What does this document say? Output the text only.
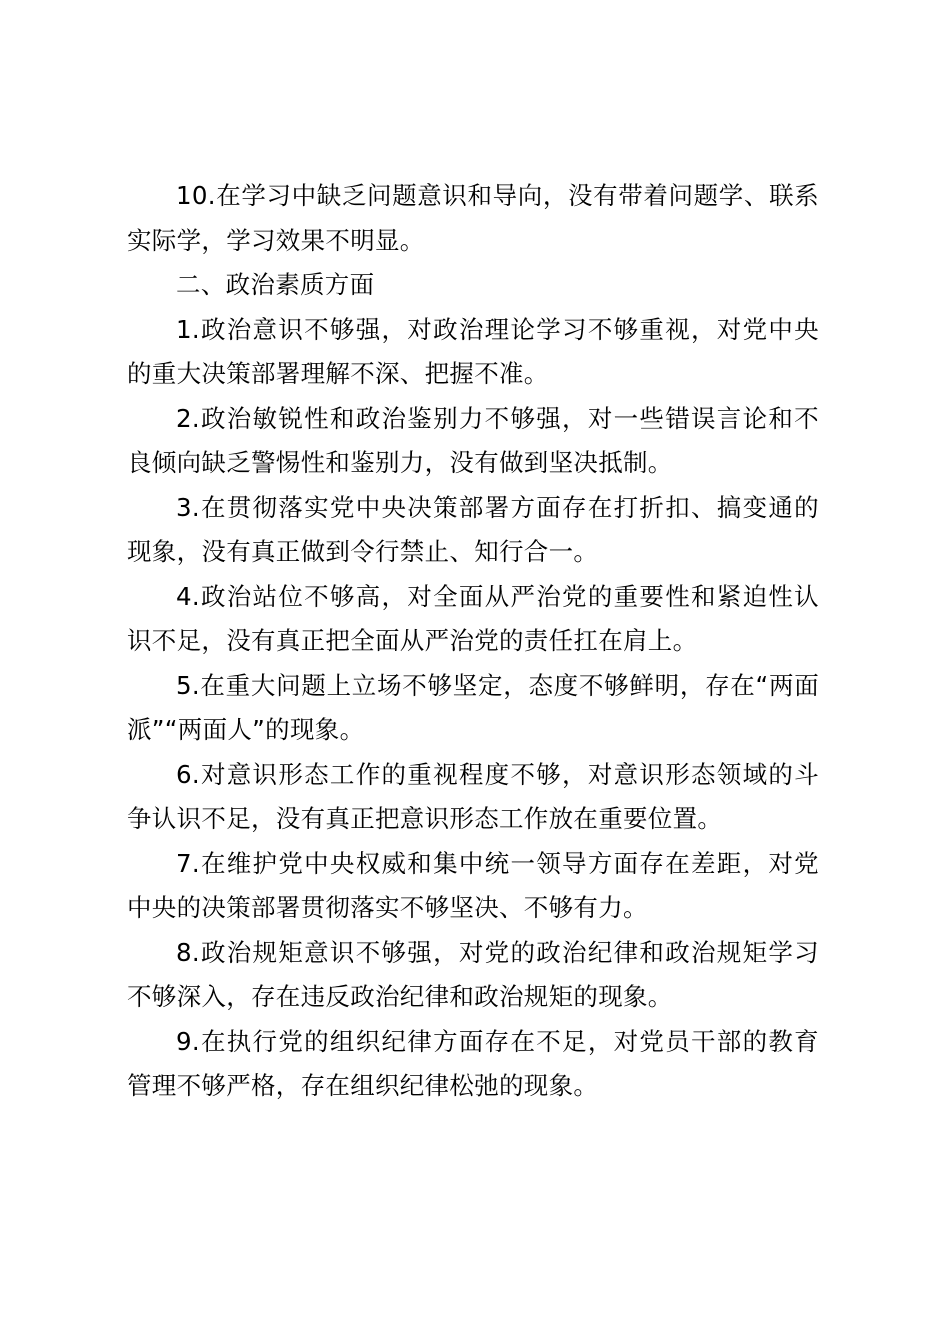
10.在学习中缺乏问题意识和导向，没有带着问题学、联系实际学，学习效果不明显。

二、政治素质方面

1.政治意识不够强，对政治理论学习不够重视，对党中央的重大决策部署理解不深、把握不准。

2.政治敏锐性和政治鉴别力不够强，对一些错误言论和不良倾向缺乏警惕性和鉴别力，没有做到坚决抵制。

3.在贯彻落实党中央决策部署方面存在打折扣、搞变通的现象，没有真正做到令行禁止、知行合一。

4.政治站位不够高，对全面从严治党的重要性和紧迫性认识不足，没有真正把全面从严治党的责任扛在肩上。

5.在重大问题上立场不够坚定，态度不够鲜明，存在“两面派”“两面人”的现象。

6.对意识形态工作的重视程度不够，对意识形态领域的斗争认识不足，没有真正把意识形态工作放在重要位置。

7.在维护党中央权威和集中统一领导方面存在差距，对党中央的决策部署贯彻落实不够坚决、不够有力。

8.政治规矩意识不够强，对党的政治纪律和政治规矩学习不够深入，存在违反政治纪律和政治规矩的现象。

9.在执行党的组织纪律方面存在不足，对党员干部的教育管理不够严格，存在组织纪律松弛的现象。
